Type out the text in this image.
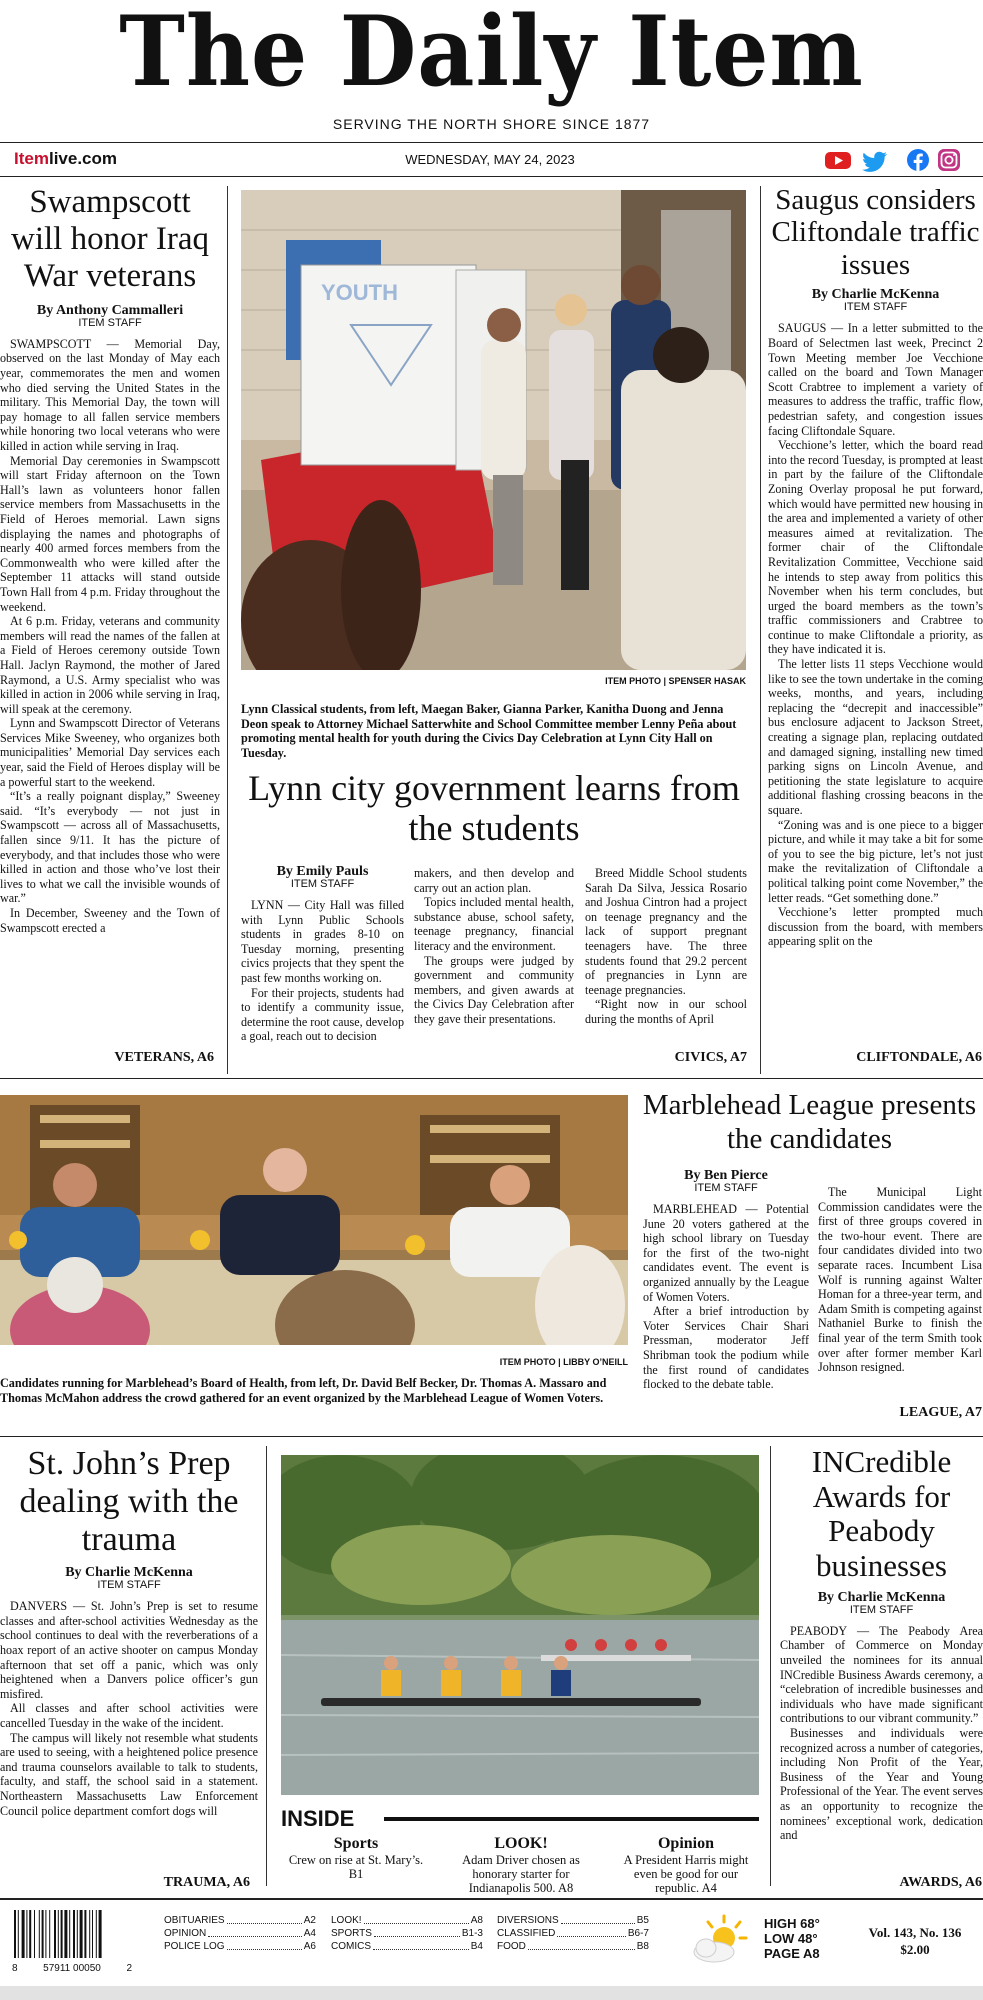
The Daily Item
SERVING THE NORTH SHORE SINCE 1877
Itemlive.com	WEDNESDAY, MAY 24, 2023
Swampscott will honor Iraq War veterans
By Anthony Cammalleri
ITEM STAFF

SWAMPSCOTT — Memorial Day, observed on the last Monday of May each year, commemorates the men and women who died serving the United States in the military. This Memorial Day, the town will pay homage to all fallen service members while honoring two local veterans who were killed in action while serving in Iraq.

Memorial Day ceremonies in Swampscott will start Friday afternoon on the Town Hall’s lawn as volunteers honor fallen service members from Massachusetts in the Field of Heroes memorial. Lawn signs displaying the names and photographs of nearly 400 armed forces members from the Commonwealth who were killed after the September 11 attacks will stand outside Town Hall from 4 p.m. Friday throughout the weekend.

At 6 p.m. Friday, veterans and community members will read the names of the fallen at a Field of Heroes ceremony outside Town Hall. Jaclyn Raymond, the mother of Jared Raymond, a U.S. Army specialist who was killed in action in 2006 while serving in Iraq, will speak at the ceremony.

Lynn and Swampscott Director of Veterans Services Mike Sweeney, who organizes both municipalities’ Memorial Day services each year, said the Field of Heroes display will be a powerful start to the weekend.

“It’s a really poignant display,” Sweeney said. “It’s everybody — not just in Swampscott — across all of Massachusetts, fallen since 9/11. It has the picture of everybody, and that includes those who were killed in action and those who’ve lost their lives to what we call the invisible wounds of war.”

In December, Sweeney and the Town of Swampscott erected a

VETERANS, A6
YOUTH
ITEM PHOTO | SPENSER HASAK
Lynn Classical students, from left, Maegan Baker, Gianna Parker, Kanitha Duong and Jenna Deon speak to Attorney Michael Satterwhite and School Committee member Lenny Peña about promoting mental health for youth during the Civics Day Celebration at Lynn City Hall on Tuesday.
Lynn city government learns from the students
By Emily Pauls
ITEM STAFF

LYNN — City Hall was filled with Lynn Public Schools students in grades 8-10 on Tuesday morning, presenting civics projects that they spent the past few months working on.

For their projects, students had to identify a community issue, determine the root cause, develop a goal, reach out to decision

makers, and then develop and carry out an action plan.

Topics included mental health, substance abuse, school safety, teenage pregnancy, financial literacy and the environment.

The groups were judged by government and community members, and given awards at the Civics Day Celebration after they gave their presentations.

Breed Middle School students Sarah Da Silva, Jessica Rosario and Joshua Cintron had a project on teenage pregnancy and the lack of support pregnant teenagers have. The three students found that 29.2 percent of pregnancies in Lynn are teenage pregnancies.

“Right now in our school during the months of April

CIVICS, A7
Saugus considers Cliftondale traffic issues
By Charlie McKenna
ITEM STAFF

SAUGUS — In a letter submitted to the Board of Selectmen last week, Precinct 2 Town Meeting member Joe Vecchione called on the board and Town Manager Scott Crabtree to implement a variety of measures to address the traffic, traffic flow, pedestrian safety, and congestion issues facing Cliftondale Square.

Vecchione’s letter, which the board read into the record Tuesday, is prompted at least in part by the failure of the Cliftondale Zoning Overlay proposal he put forward, which would have permitted new housing in the area and implemented a variety of other measures aimed at revitalization. The former chair of the Cliftondale Revitalization Committee, Vecchione said he intends to step away from politics this November when his term concludes, but urged the board members as the town’s traffic commissioners and Crabtree to continue to make Cliftondale a priority, as they have indicated it is.

The letter lists 11 steps Vecchione would like to see the town undertake in the coming weeks, months, and years, including replacing the “decrepit and inaccessible” bus enclosure adjacent to Jackson Street, creating a signage plan, replacing outdated and damaged signing, installing new timed parking signs on Lincoln Avenue, and petitioning the state legislature to acquire additional flashing crossing beacons in the square.

“Zoning was and is one piece to a bigger picture, and while it may take a bit for some of you to see the big picture, let’s not just make the revitalization of Cliftondale a political talking point come November,” the letter reads. “Get something done.”

Vecchione’s letter prompted much discussion from the board, with members appearing split on the

CLIFTONDALE, A6
ITEM PHOTO | LIBBY O’NEILL
Candidates running for Marblehead’s Board of Health, from left, Dr. David Belf Becker, Dr. Thomas A. Massaro and Thomas McMahon address the crowd gathered for an event organized by the Marblehead League of Women Voters.
Marblehead League presents the candidates
By Ben Pierce
ITEM STAFF

MARBLEHEAD — Potential June 20 voters gathered at the high school library on Tuesday for the first of the two-night candidates event. The event is organized annually by the League of Women Voters.

After a brief introduction by Voter Services Chair Shari Pressman, moderator Jeff Shribman took the podium while the first round of candidates flocked to the debate table.

The Municipal Light Commission candidates were the first of three groups covered in the two-hour event. There are four candidates divided into two separate races. Incumbent Lisa Wolf is running against Walter Homan for a three-year term, and Adam Smith is competing against Nathaniel Burke to finish the final year of the term Smith took over after former member Karl Johnson resigned.

LEAGUE, A7
St. John’s Prep dealing with the trauma
By Charlie McKenna
ITEM STAFF

DANVERS — St. John’s Prep is set to resume classes and after-school activities Wednesday as the school continues to deal with the reverberations of a hoax report of an active shooter on campus Monday afternoon that set off a panic, which was only heightened when a Danvers police officer’s gun misfired.

All classes and after school activities were cancelled Tuesday in the wake of the incident.

The campus will likely not resemble what students are used to seeing, with a heightened police presence and trauma counselors available to talk to students, faculty, and staff, the school said in a statement. Northeastern Massachusetts Law Enforcement Council police department comfort dogs will

TRAUMA, A6
INSIDE
Sports
Crew on rise at St. Mary’s. B1
LOOK!
Adam Driver chosen as honorary starter for Indianapolis 500. A8
Opinion
A President Harris might even be good for our republic. A4
INCredible Awards for Peabody businesses
By Charlie McKenna
ITEM STAFF

PEABODY — The Peabody Area Chamber of Commerce on Monday unveiled the nominees for its annual INCredible Business Awards ceremony, a “celebration of incredible businesses and individuals who have made significant contributions to our vibrant community.”

Businesses and individuals were recognized across a number of categories, including Non Profit of the Year, Business of the Year and Young Professional of the Year. The event serves as an opportunity to recognize the nominees’ exceptional work, dedication and

AWARDS, A6
8	57911 00050	2
OBITUARIES	A2
OPINION	A4
POLICE LOG	A6
LOOK!	A8
SPORTS	B1-3
COMICS	B4
DIVERSIONS	B5
CLASSIFIED	B6-7
FOOD	B8
HIGH 68°
LOW 48°
PAGE A8
Vol. 143, No. 136
$2.00
